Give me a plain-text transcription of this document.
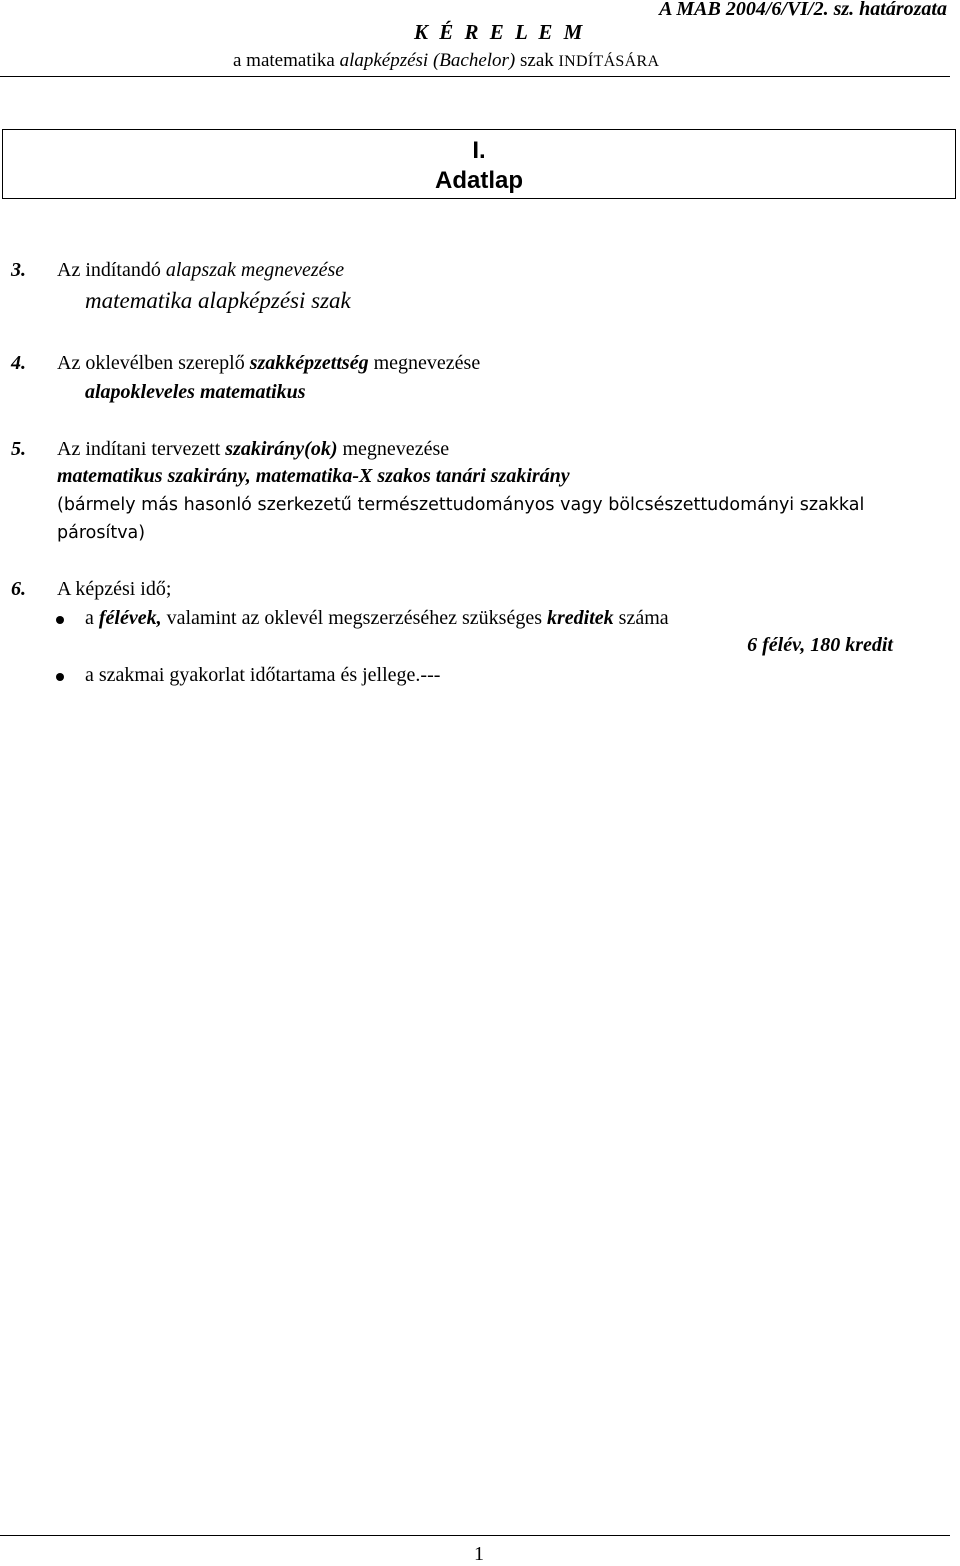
A MAB 2004/6/VI/2. sz. határozata
K É R E L E M
a matematika alapképzési (Bachelor) szak INDÍTÁSÁRA
I.
Adatlap
3. Az indítandó alapszak megnevezése
matematika alapképzési szak
4. Az oklevélben szereplő szakképzettség megnevezése
alapokleveles matematikus
5. Az indítani tervezett szakirány(ok) megnevezése
matematikus szakirány, matematika-X szakos tanári szakirány
(bármely más hasonló szerkezetű természettudományos vagy bölcsészettudományi szakkal
párosítva)
6. A képzési idő;
a félévek, valamint az oklevél megszerzéséhez szükséges kreditek száma
6 félév, 180 kredit
a szakmai gyakorlat időtartama és jellege.---
1
